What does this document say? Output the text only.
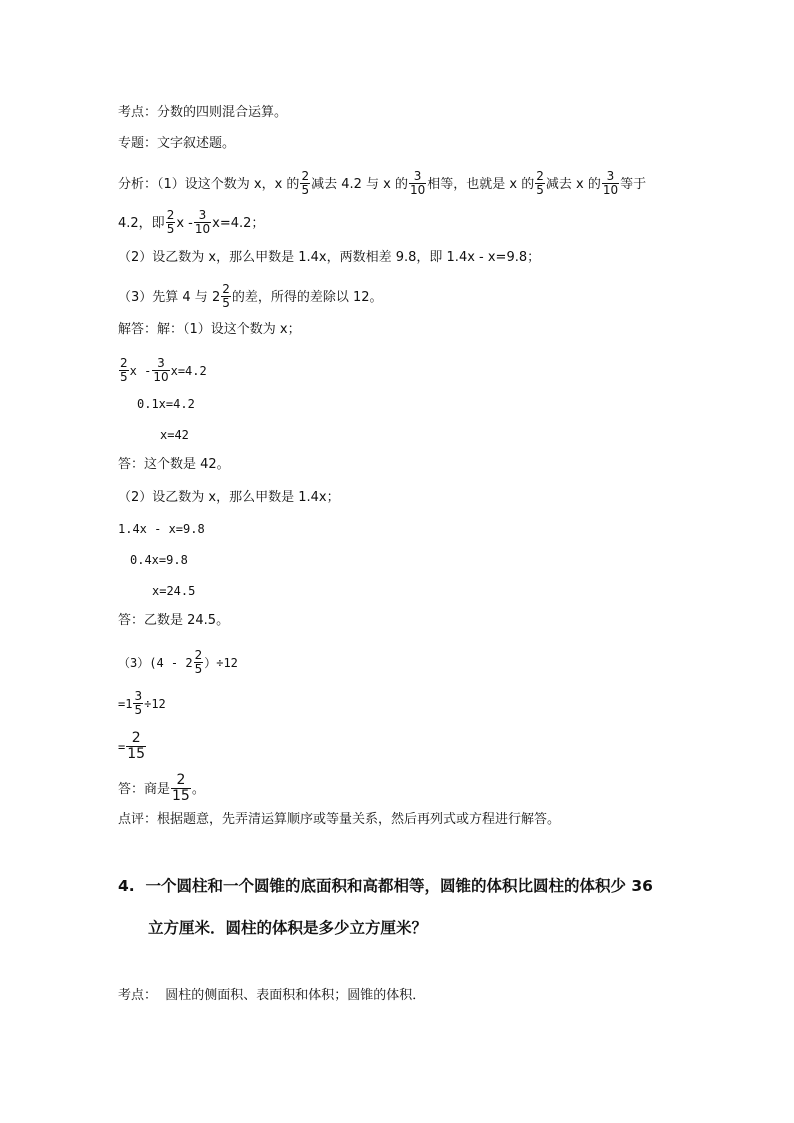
考点：分数的四则混合运算。
专题：文字叙述题。
分析：（1）设这个数为 x，x 的 $\frac{2}{5}$ 减去 4.2 与 x 的 $\frac{3}{10}$ 相等，也就是 x 的 $\frac{2}{5}$ 减去 x 的 $\frac{3}{10}$ 等于
4.2，即 $\frac{2}{5}$ $x - \frac{3}{10} x=4.2$；
（2）设乙数为 x，那么甲数是 1.4x，两数相差 9.8，即 1.4x - x=9.8；
（3）先算 4 与 $2 \frac{2}{5}$ 的差，所得的差除以 12。
解答：解：（1）设这个数为 x；
$\frac{2}{5}$ $x - \frac{3}{10} x=4.2$
0.1x=4.2
x=42
答：这个数是 42。
（2）设乙数为 x，那么甲数是 1.4x；
1.4x - x=9.8
0.4x=9.8
x=24.5
答：乙数是 24.5。
$(3)(4 - 2 \frac{2}{5} )\div 12$
$=1 \frac{3}{5} \div 12$
= $\frac{2}{15}$
答：商是 $\frac{2}{15}$ 。
点评：根据题意，先弄清运算顺序或等量关系，然后再列式或方程进行解答。
4. 一个圆柱和一个圆锥的底面积和高都相等，圆锥的体积比圆柱的体积少 36
立方厘米．圆柱的体积是多少立方厘米？
考点： 圆柱的侧面积、表面积和体积；圆锥的体积．
